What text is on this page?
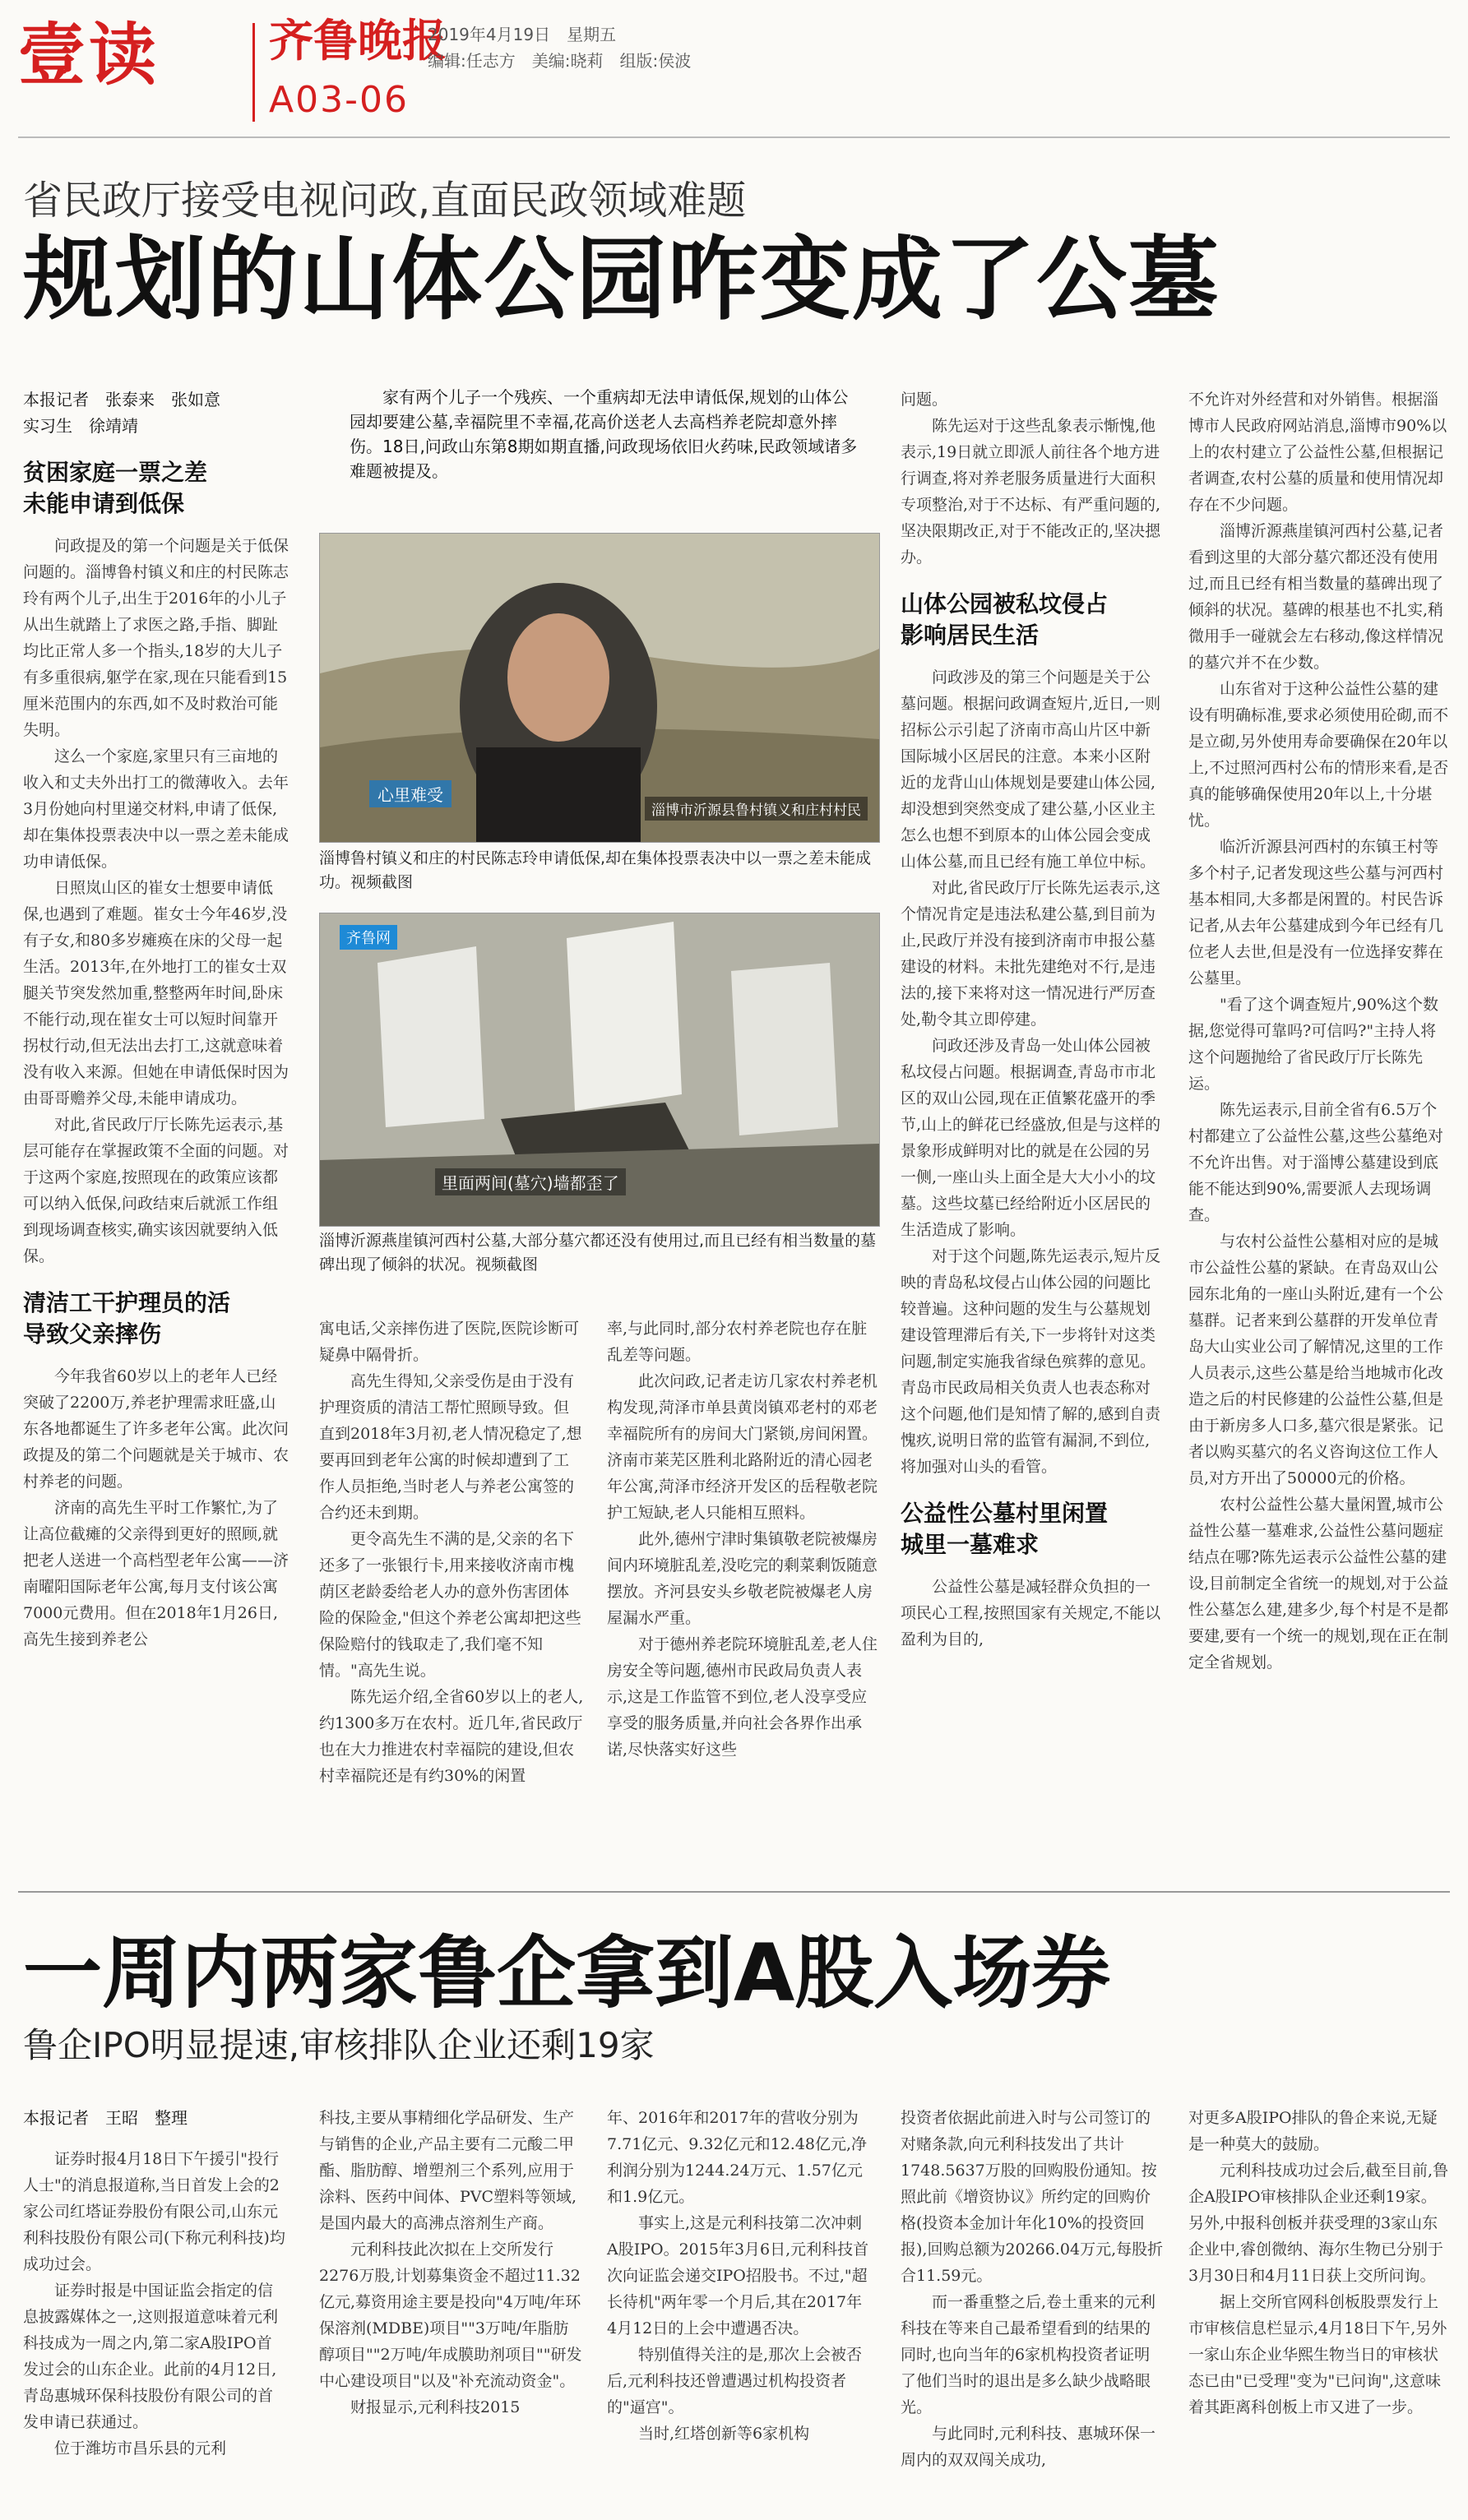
壹读 齐鲁晚报
2019年4月19日　星期五
编辑:任志方　美编:晓莉　组版:侯波
A03-06
省民政厅接受电视问政,直面民政领域难题
规划的山体公园咋变成了公墓
本报记者　张泰来　张如意
实习生　徐靖靖
贫困家庭一票之差
未能申请到低保

问政提及的第一个问题是关于低保问题的。淄博鲁村镇义和庄的村民陈志玲有两个儿子,出生于2016年的小儿子从出生就踏上了求医之路,手指、脚趾均比正常人多一个指头,18岁的大儿子有多重很病,躯学在家,现在只能看到15厘米范围内的东西,如不及时救治可能失明。

这么一个家庭,家里只有三亩地的收入和丈夫外出打工的微薄收入。去年3月份她向村里递交材料,申请了低保,却在集体投票表决中以一票之差未能成功申请低保。

日照岚山区的崔女士想要申请低保,也遇到了难题。崔女士今年46岁,没有子女,和80多岁瘫痪在床的父母一起生活。2013年,在外地打工的崔女士双腿关节突发然加重,整整两年时间,卧床不能行动,现在崔女士可以短时间靠开拐杖行动,但无法出去打工,这就意味着没有收入来源。但她在申请低保时因为由哥哥赡养父母,未能申请成功。

对此,省民政厅厅长陈先运表示,基层可能存在掌握政策不全面的问题。对于这两个家庭,按照现在的政策应该都可以纳入低保,问政结束后就派工作组到现场调查核实,确实该因就要纳入低保。

清洁工干护理员的活
导致父亲摔伤

今年我省60岁以上的老年人已经突破了2200万,养老护理需求旺盛,山东各地都诞生了许多老年公寓。此次问政提及的第二个问题就是关于城市、农村养老的问题。

济南的高先生平时工作繁忙,为了让高位截瘫的父亲得到更好的照顾,就把老人送进一个高档型老年公寓——济南曜阳国际老年公寓,每月支付该公寓7000元费用。但在2018年1月26日,高先生接到养老公

家有两个儿子一个残疾、一个重病却无法申请低保,规划的山体公园却要建公墓,幸福院里不幸福,花高价送老人去高档养老院却意外摔伤。18日,问政山东第8期如期直播,问政现场依旧火药味,民政领域诸多难题被提及。
淄博市沂源县鲁村镇义和庄村村民
心里难受
淄博鲁村镇义和庄的村民陈志玲申请低保,却在集体投票表决中以一票之差未能成功。视频截图
齐鲁网
里面两间(墓穴)墙都歪了
淄博沂源燕崖镇河西村公墓,大部分墓穴都还没有使用过,而且已经有相当数量的墓碑出现了倾斜的状况。视频截图

寓电话,父亲摔伤进了医院,医院诊断可疑鼻中隔骨折。

高先生得知,父亲受伤是由于没有护理资质的清洁工帮忙照顾导致。但直到2018年3月初,老人情况稳定了,想要再回到老年公寓的时候却遭到了工作人员拒绝,当时老人与养老公寓签的合约还未到期。

更令高先生不满的是,父亲的名下还多了一张银行卡,用来接收济南市槐荫区老龄委给老人办的意外伤害团体险的保险金,"但这个养老公寓却把这些保险赔付的钱取走了,我们毫不知情。"高先生说。

陈先运介绍,全省60岁以上的老人,约1300多万在农村。近几年,省民政厅也在大力推进农村幸福院的建设,但农村幸福院还是有约30%的闲置

率,与此同时,部分农村养老院也存在脏乱差等问题。

此次问政,记者走访几家农村养老机构发现,菏泽市单县黄岗镇邓老村的邓老幸福院所有的房间大门紧锁,房间闲置。济南市莱芜区胜利北路附近的清心园老年公寓,菏泽市经济开发区的岳程敬老院护工短缺,老人只能相互照料。

此外,德州宁津时集镇敬老院被爆房间内环境脏乱差,没吃完的剩菜剩饭随意摆放。齐河县安头乡敬老院被爆老人房屋漏水严重。

对于德州养老院环境脏乱差,老人住房安全等问题,德州市民政局负责人表示,这是工作监管不到位,老人没享受应享受的服务质量,并向社会各界作出承诺,尽快落实好这些

问题。

陈先运对于这些乱象表示惭愧,他表示,19日就立即派人前往各个地方进行调查,将对养老服务质量进行大面积专项整治,对于不达标、有严重问题的,坚决限期改正,对于不能改正的,坚决摁办。

山体公园被私坟侵占
影响居民生活

问政涉及的第三个问题是关于公墓问题。根据问政调查短片,近日,一则招标公示引起了济南市高山片区中新国际城小区居民的注意。本来小区附近的龙背山山体规划是要建山体公园,却没想到突然变成了建公墓,小区业主怎么也想不到原本的山体公园会变成山体公墓,而且已经有施工单位中标。

对此,省民政厅厅长陈先运表示,这个情况肯定是违法私建公墓,到目前为止,民政厅并没有接到济南市申报公墓建设的材料。未批先建绝对不行,是违法的,接下来将对这一情况进行严厉查处,勒令其立即停建。

问政还涉及青岛一处山体公园被私坟侵占问题。根据调查,青岛市市北区的双山公园,现在正值繁花盛开的季节,山上的鲜花已经盛放,但是与这样的景象形成鲜明对比的就是在公园的另一侧,一座山头上面全是大大小小的坟墓。这些坟墓已经给附近小区居民的生活造成了影响。

对于这个问题,陈先运表示,短片反映的青岛私坟侵占山体公园的问题比较普遍。这种问题的发生与公墓规划建设管理滞后有关,下一步将针对这类问题,制定实施我省绿色殡葬的意见。青岛市民政局相关负责人也表态称对这个问题,他们是知情了解的,感到自责愧疚,说明日常的监管有漏洞,不到位,将加强对山头的看管。

公益性公墓村里闲置
城里一墓难求

公益性公墓是减轻群众负担的一项民心工程,按照国家有关规定,不能以盈利为目的,

不允许对外经营和对外销售。根据淄博市人民政府网站消息,淄博市90%以上的农村建立了公益性公墓,但根据记者调查,农村公墓的质量和使用情况却存在不少问题。

淄博沂源燕崖镇河西村公墓,记者看到这里的大部分墓穴都还没有使用过,而且已经有相当数量的墓碑出现了倾斜的状况。墓碑的根基也不扎实,稍微用手一碰就会左右移动,像这样情况的墓穴并不在少数。

山东省对于这种公益性公墓的建设有明确标准,要求必须使用砼砌,而不是立砌,另外使用寿命要确保在20年以上,不过照河西村公布的情形来看,是否真的能够确保使用20年以上,十分堪忧。

临沂沂源县河西村的东镇王村等多个村子,记者发现这些公墓与河西村基本相同,大多都是闲置的。村民告诉记者,从去年公墓建成到今年已经有几位老人去世,但是没有一位选择安葬在公墓里。

"看了这个调查短片,90%这个数据,您觉得可靠吗?可信吗?"主持人将这个问题抛给了省民政厅厅长陈先运。

陈先运表示,目前全省有6.5万个村都建立了公益性公墓,这些公墓绝对不允许出售。对于淄博公墓建设到底能不能达到90%,需要派人去现场调查。

与农村公益性公墓相对应的是城市公益性公墓的紧缺。在青岛双山公园东北角的一座山头附近,建有一个公墓群。记者来到公墓群的开发单位青岛大山实业公司了解情况,这里的工作人员表示,这些公墓是给当地城市化改造之后的村民修建的公益性公墓,但是由于新房多人口多,墓穴很是紧张。记者以购买墓穴的名义咨询这位工作人员,对方开出了50000元的价格。

农村公益性公墓大量闲置,城市公益性公墓一墓难求,公益性公墓问题症结点在哪?陈先运表示公益性公墓的建设,目前制定全省统一的规划,对于公益性公墓怎么建,建多少,每个村是不是都要建,要有一个统一的规划,现在正在制定全省规划。

一周内两家鲁企拿到A股入场券
鲁企IPO明显提速,审核排队企业还剩19家
本报记者　王昭　整理

证券时报4月18日下午援引"投行人士"的消息报道称,当日首发上会的2家公司红塔证券股份有限公司,山东元利科技股份有限公司(下称元利科技)均成功过会。

证券时报是中国证监会指定的信息披露媒体之一,这则报道意味着元利科技成为一周之内,第二家A股IPO首发过会的山东企业。此前的4月12日,青岛惠城环保科技股份有限公司的首发申请已获通过。

位于潍坊市昌乐县的元利

科技,主要从事精细化学品研发、生产与销售的企业,产品主要有二元酸二甲酯、脂肪醇、增塑剂三个系列,应用于涂料、医药中间体、PVC塑料等领域,是国内最大的高沸点溶剂生产商。

元利科技此次拟在上交所发行2276万股,计划募集资金不超过11.32亿元,募资用途主要是投向"4万吨/年环保溶剂(MDBE)项目""3万吨/年脂肪醇项目""2万吨/年成膜助剂项目""研发中心建设项目"以及"补充流动资金"。

财报显示,元利科技2015

年、2016年和2017年的营收分别为7.71亿元、9.32亿元和12.48亿元,净利润分别为1244.24万元、1.57亿元和1.9亿元。

事实上,这是元利科技第二次冲刺A股IPO。2015年3月6日,元利科技首次向证监会递交IPO招股书。不过,"超长待机"两年零一个月后,其在2017年4月12日的上会中遭遇否决。

特别值得关注的是,那次上会被否后,元利科技还曾遭遇过机构投资者的"逼宫"。

当时,红塔创新等6家机构

投资者依据此前进入时与公司签订的对赌条款,向元利科技发出了共计1748.5637万股的回购股份通知。按照此前《增资协议》所约定的回购价格(投资本金加计年化10%的投资回报),回购总额为20266.04万元,每股折合11.59元。

而一番重整之后,卷土重来的元利科技在等来自己最希望看到的结果的同时,也向当年的6家机构投资者证明了他们当时的退出是多么缺少战略眼光。

与此同时,元利科技、惠城环保一周内的双双闯关成功,

对更多A股IPO排队的鲁企来说,无疑是一种莫大的鼓励。

元利科技成功过会后,截至目前,鲁企A股IPO审核排队企业还剩19家。另外,中报科创板并获受理的3家山东企业中,睿创微纳、海尔生物已分别于3月30日和4月11日获上交所问询。

据上交所官网科创板股票发行上市审核信息栏显示,4月18日下午,另外一家山东企业华熙生物当日的审核状态已由"已受理"变为"已问询",这意味着其距离科创板上市又进了一步。
